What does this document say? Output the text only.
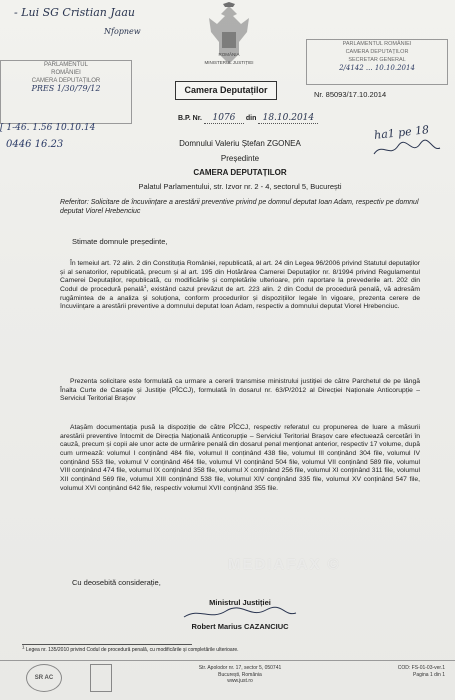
- Lui SG Cristian Jaau
Nfopnew
PARLAMENTUL
ROMÂNIEI
CAMERA DEPUTAȚILOR
PRES 1/30/79/12
[ 1-46. 1.56 10.10.14
0446 16.23
ROMÂNIA
MINISTERUL JUSTIȚIEI
Camera Deputaților
PARLAMENTUL ROMÂNIEI
CAMERA DEPUTAȚILOR
SECRETAR GENERAL
2/4142 ... 10.10.2014
Nr. 85093/17.10.2014
B.P. Nr. 1076 din 18.10.2014
ha1 pe 18
Domnului Valeriu Ștefan ZGONEA
Președinte
CAMERA DEPUTAȚILOR
Palatul Parlamentului, str. Izvor nr. 2 - 4, sectorul 5, București
Referitor: Solicitare de încuviințare a arestării preventive privind pe domnul deputat Ioan Adam, respectiv pe domnul deputat Viorel Hrebenciuc
Stimate domnule președinte,

În temeiul art. 72 alin. 2 din Constituția României, republicată, al art. 24 din Legea 96/2006 privind Statutul deputaților și al senatorilor, republicată, precum și al art. 195 din Hotărârea Camerei Deputaților nr. 8/1994 privind Regulamentul Camerei Deputaților, republicată, cu modificările și completările ulterioare, prin raportare la prevederile art. 202 din Codul de procedură penală$^1$, existând cazul prevăzut de art. 223 alin. 2 din Codul de procedură penală, vă adresăm rugămintea de a analiza și soluționa, conform procedurilor și dispozițiilor legale în vigoare, prezenta cerere de încuviințare a arestării preventive a domnului deputat Ioan Adam, respectiv a domnului deputat Viorel Hrebenciuc.

Prezenta solicitare este formulată ca urmare a cererii transmise ministrului justiției de către Parchetul de pe lângă Înalta Curte de Casație și Justiție (PÎCCJ), formulată în dosarul nr. 63/P/2012 al Direcției Naționale Anticorupție – Serviciul Teritorial Brașov

Atașăm documentația pusă la dispoziție de către PÎCCJ, respectiv referatul cu propunerea de luare a măsurii arestării preventive întocmit de Direcția Națională Anticorupție – Serviciul Teritorial Brașov care efectuează cercetări în cauză, precum și copii ale unor acte de urmărire penală din dosarul penal menționat anterior, respectiv 17 volume, după cum urmează: volumul I conținând 484 file, volumul II conținând 438 file, volumul III conținând 304 file, volumul IV conținând 553 file, volumul V conținând 464 file, volumul VI conținând 504 file, volumul VII conținând 589 file, volumul VIII conținând 474 file, volumul IX conținând 358 file, volumul X conținând 256 file, volumul XI conținând 311 file, volumul XII conținând 569 file, volumul XIII conținând 538 file, volumul XIV conținând 335 file, volumul XV conținând 547 file, volumul XVI conținând 642 file, respectiv volumul XVII conținând 355 file.

Cu deosebită considerație,
MEDIAFAX ©
Ministrul Justiției
Robert Marius CAZANCIUC
$^1$ Legea nr. 135/2010 privind Codul de procedură penală, cu modificările și completările ulterioare.
SR AC
Str. Apolodor nr. 17, sector 5, 050741
București, România
www.just.ro
COD: FS-01-03-ver.1
Pagina 1 din 1
